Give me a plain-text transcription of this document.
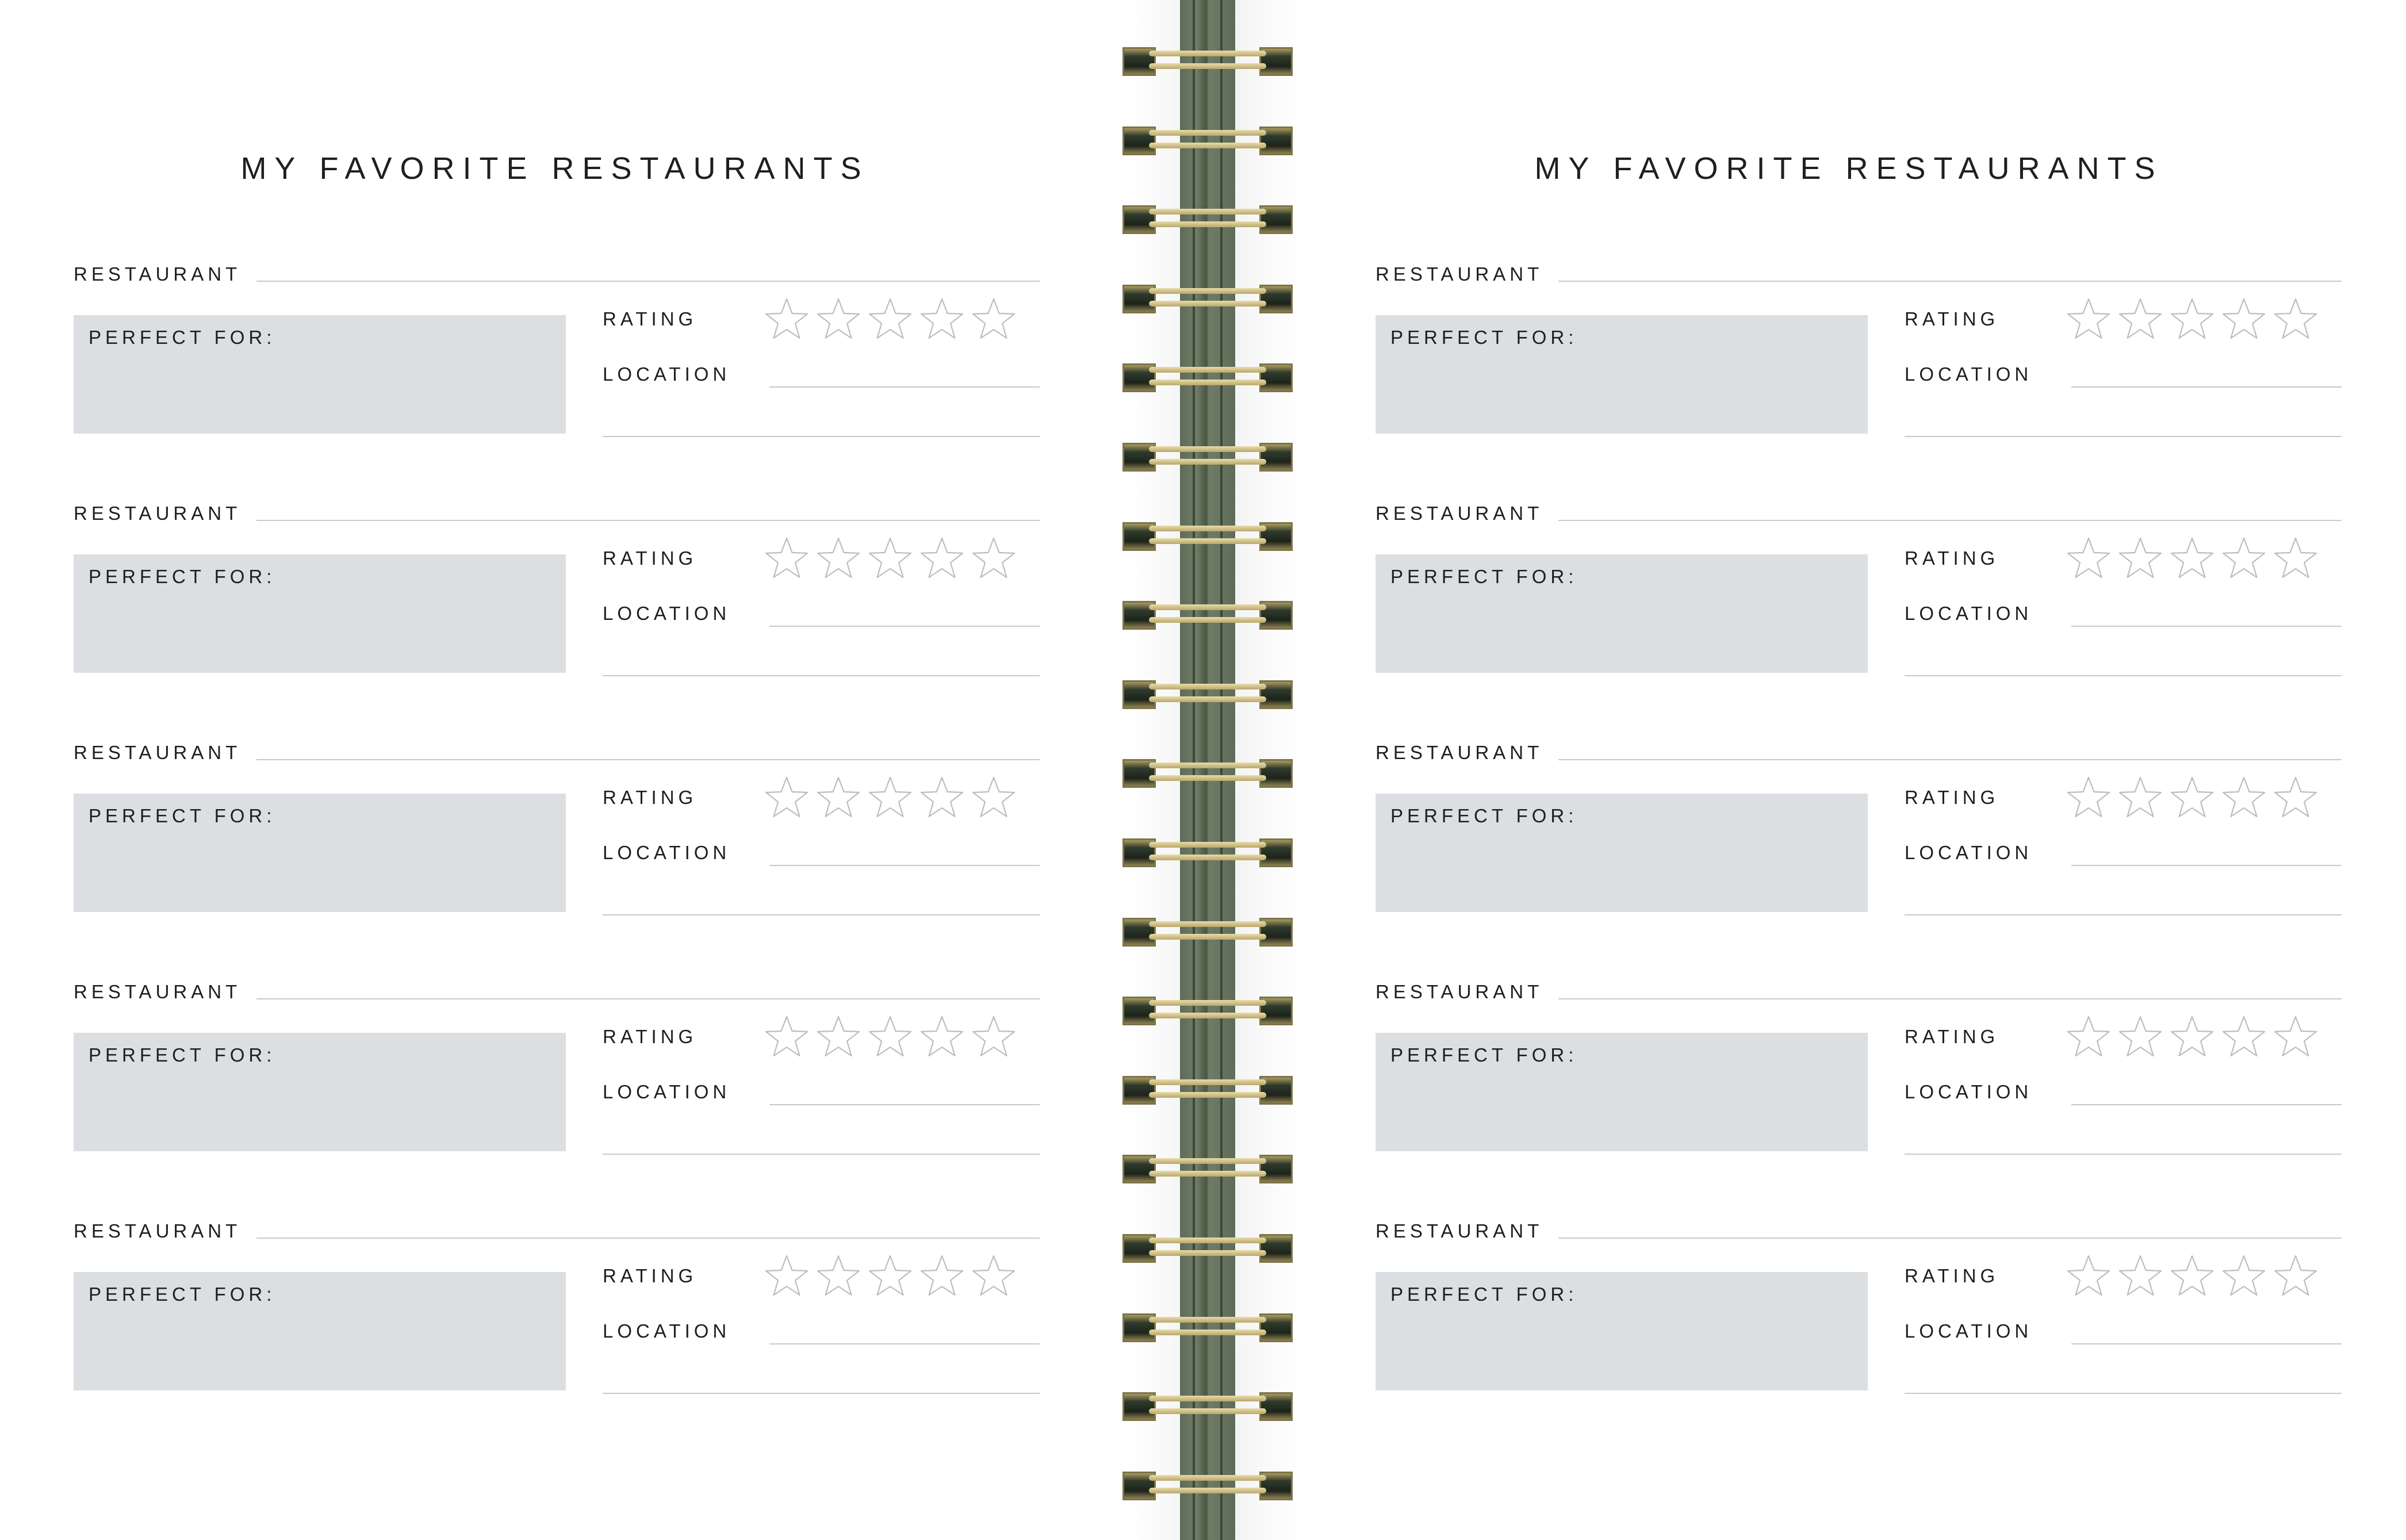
MY FAVORITE RESTAURANTS
RESTAURANT
PERFECT FOR:
RATING
LOCATION
RESTAURANT
PERFECT FOR:
RATING
LOCATION
RESTAURANT
PERFECT FOR:
RATING
LOCATION
RESTAURANT
PERFECT FOR:
RATING
LOCATION
RESTAURANT
PERFECT FOR:
RATING
LOCATION
MY FAVORITE RESTAURANTS
RESTAURANT
PERFECT FOR:
RATING
LOCATION
RESTAURANT
PERFECT FOR:
RATING
LOCATION
RESTAURANT
PERFECT FOR:
RATING
LOCATION
RESTAURANT
PERFECT FOR:
RATING
LOCATION
RESTAURANT
PERFECT FOR:
RATING
LOCATION
